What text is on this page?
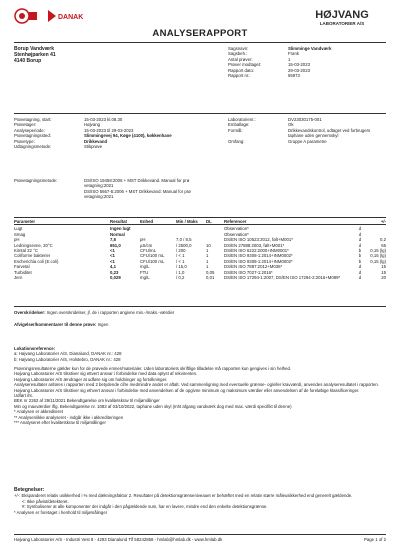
DANAK	HØJVANG
LABORATORIER A/S
ANALYSERAPPORT
Borup Vandværk
Stenhøjparken 41
4140 Borup
Sagsnavn:	Slimminge Vandværk
Sagsbeh.:	Frank
Antal prøver:	1
Prøver modtaget:	15-03-2023
Rapport dato:	29-03-2023
Rapport nr.:	55973
Prøvetagning, start:	15-03-2023 kl.08.30
Prøvetager:	Højvang
Analyseperiode:	15-03-2023 til 29-03-2023
Prøvetagningssted:	Slimmingevej 94, Køge (4100), køkkenhane
Prøvetype:	Drikkevand
Udtagningsmetode:	Stikprøve
Laboratorienr.:	DV23030175-001
Emballage:	Ok
Formål:	Drikkevandskontrol, udtaget ved forbrugers taphane uden gennemskyl
Omfang:	Gruppe A parametre
Prøvetagningsmetode:	DS/ISO 19458:2006 + MST Drikkevand. Manual for prø
vetagning:2021
DS/ISO 5667-5:2006 + MST Drikkevand. Manual for prø
vetagning:2021
Parameter	Resultat	Enhed	Min / Maks	DL	Referencer		+/-

Lugt	Ingen lugt				Observation*	d	
Smag	Normal				Observation*	d	
pH	7,5	pH	7,0 / 8,5		DS/EN ISO 10523:2012, følt+M001*	d	0,2
Ledningsevne, 20°C	651,0	µS/cm	/ 2500,0	10	DS/EN 27888:2003, følt+M001*	d	65
Kimtal 22 °C	<1	CFU/mL	/ 200	1	DS/EN ISO 6222:2000+INM0001*	b	0,15 (lg)
Coliforme bakterier	<1	CFU/100 mL	/ < 1	1	DS/EN ISO 9308-1:2014+INM0002*	b	0,15 (lg)
Escherichia coli (E.coli)	<1	CFU/100 mL	/ < 1	1	DS/EN ISO 9308-1:2014+INM0002*	b	0,15 (lg)
Farvetal	4,1	mg/L	/ 15,0	1	DS/EN ISO 7887:2012+M035*	d	15
Turbiditet	0,23	FTU	/ 1,0	0,05	DS/EN ISO 7027-1:2016*	d	15
Jern	0,029	mg/L	/ 0,2	0,01	DS/EN ISO 17294-1:2007, DS/EN ISO 17294-2:2016+M089*	d	20
Overskridelser: Ingen overskridelser, jf. de i rapporten angivne min.-/maks.-værdier
Afvigelser/kommentarer til denne prøve: Ingen
Lokationsreference:
a: Højvang Laboratorier A/S, Dianalund, DANAK nr.: 428
b: Højvang Laboratorier A/S, Holstebro, DANAK nr.: 428

Prøvningsresultaterne gælder kun for de prøvede emner/materialer. Uden laboratoriets skriftlige tilladelse må rapporten kun gengives i sin helhed.

Højvang Laboratorier A/S tilsstiver sig ettvert ansvar i forbindelse med data oplyst af rekvirenten.

Højvang Laboratorier A/S ændrager at udføre sig om holdninger og fortolkninger.

Analyseresultater anføres i rapporten med 2 betydende cifre medmindre andet er aftalt. Ved sammenligning med eventuelle grænse- og/eller kravværdi, anvendes analyseresultatet i rapporten.

Højvang Laboratorier A/S tilsstiver sig ethvert ansvar i forbindelse med anvendelsen af de opgivne minimum og maksimum værdier eller anvendelsen af de foreløbige klassificeringer.

Udført iht.

BEK nr 2262 af 29/11/2021 Bekendtgørelse om kvalitetskrav til miljømålinger

Min og maxværdier iflg. Bekendtgørelse nr. 1083 af 03/10/2022, taphane uden skyl (mht afgang vandværk dog med max. værdi specifikt til denne)

* Analysen er akkrediteret

** Analysen/ikke analyseret - indgår ikke i akkrediteringen

*** Analyseret efter kvalitetskrav til miljømålinger

Betegnelser:

+/-: Ekspanderet relativ usikkerhed i % med dækningsfaktor 2. Resultater på detektionsgrænseniveauet er behæftet med en relativ større måleusikkerhed end generelt gældende.

<: Ikke påvist/detekteret.

#: Symboliserer at alle komponenter der indgår i den pågældende sum, har en lavere, mindre end den enkelte detektionsgrænse.

* Analysen er foretaget i henhold til miljømålinger

Højvang Laboratorier A/S - Industri Vest 8 - 4293 Dianalund Tlf 58242858 - hmlab@hmlab.dk - www.hmlab.dk	Page 1 of 2
